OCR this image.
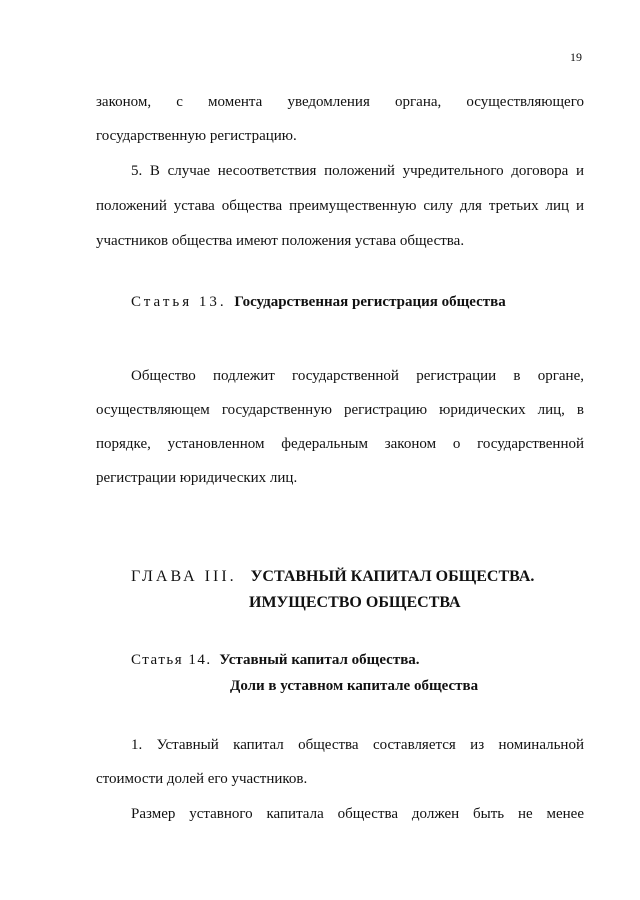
19
законом, с момента уведомления органа, осуществляющего
государственную регистрацию.
5. В случае несоответствия положений учредительного договора и
положений устава общества преимущественную силу для третьих лиц и
участников общества имеют положения устава общества.
Статья 13. Государственная регистрация общества
Общество подлежит государственной регистрации в органе,
осуществляющем государственную регистрацию юридических лиц, в
порядке, установленном федеральным законом о государственной
регистрации юридических лиц.
ГЛАВА III. УСТАВНЫЙ КАПИТАЛ ОБЩЕСТВА.
ИМУЩЕСТВО ОБЩЕСТВА
Статья 14. Уставный капитал общества.
Доли в уставном капитале общества
1. Уставный капитал общества составляется из номинальной
стоимости долей его участников.
Размер уставного капитала общества должен быть не менее
